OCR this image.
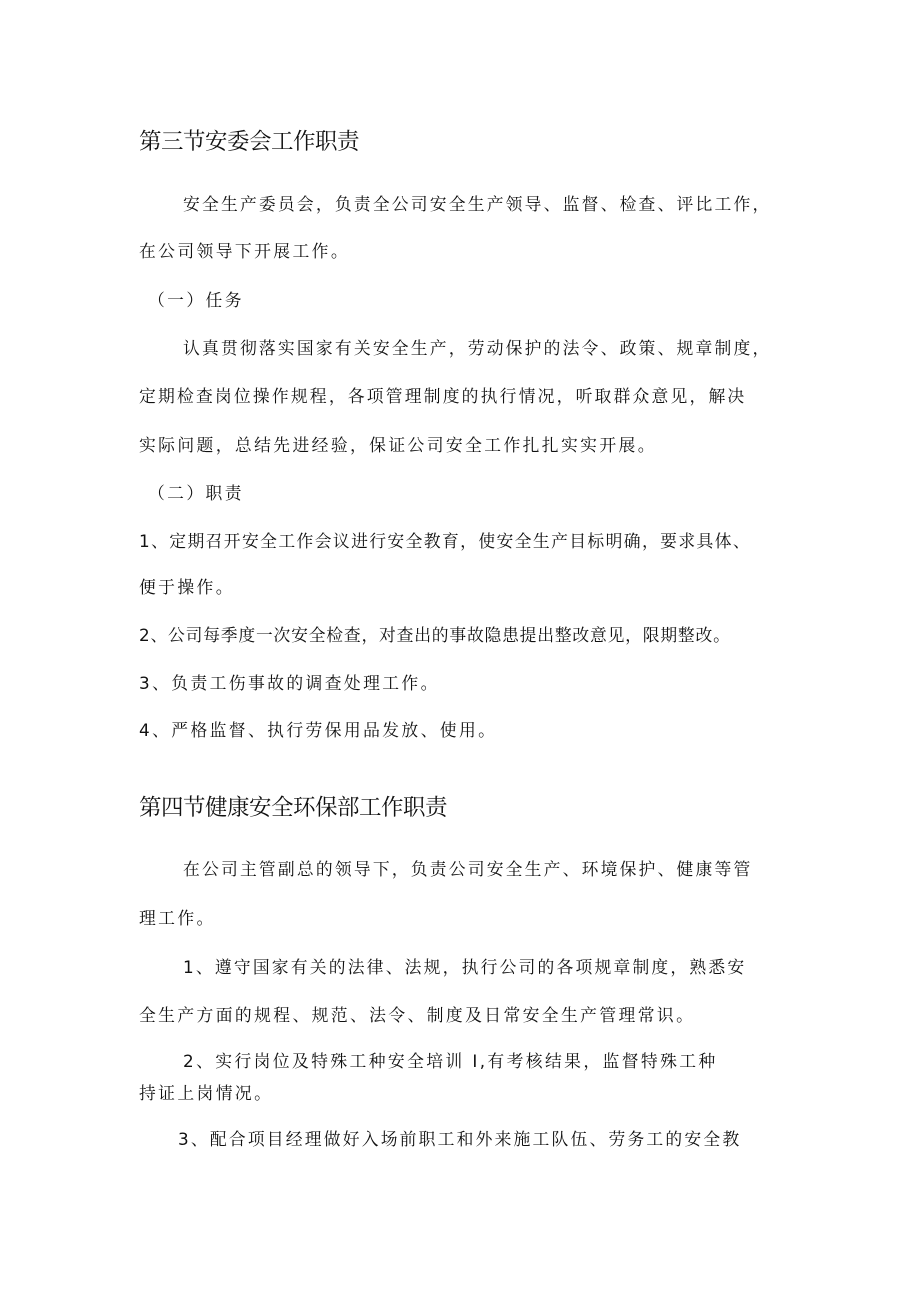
第三节安委会工作职责
安全生产委员会，负责全公司安全生产领导、监督、检查、评比工作，
在公司领导下开展工作。
（一）任务
认真贯彻落实国家有关安全生产，劳动保护的法令、政策、规章制度，
定期检查岗位操作规程，各项管理制度的执行情况，听取群众意见，解决
实际问题，总结先进经验，保证公司安全工作扎扎实实开展。
（二）职责
1、定期召开安全工作会议进行安全教育，使安全生产目标明确，要求具体、
便于操作。
2、公司每季度一次安全检查，对查出的事故隐患提出整改意见，限期整改。
3、负责工伤事故的调查处理工作。
4、严格监督、执行劳保用品发放、使用。
第四节健康安全环保部工作职责
在公司主管副总的领导下，负责公司安全生产、环境保护、健康等管
理工作。
1、遵守国家有关的法律、法规，执行公司的各项规章制度，熟悉安
全生产方面的规程、规范、法令、制度及日常安全生产管理常识。
2、实行岗位及特殊工种安全培训 I,有考核结果，监督特殊工种
持证上岗情况。
3、配合项目经理做好入场前职工和外来施工队伍、劳务工的安全教
